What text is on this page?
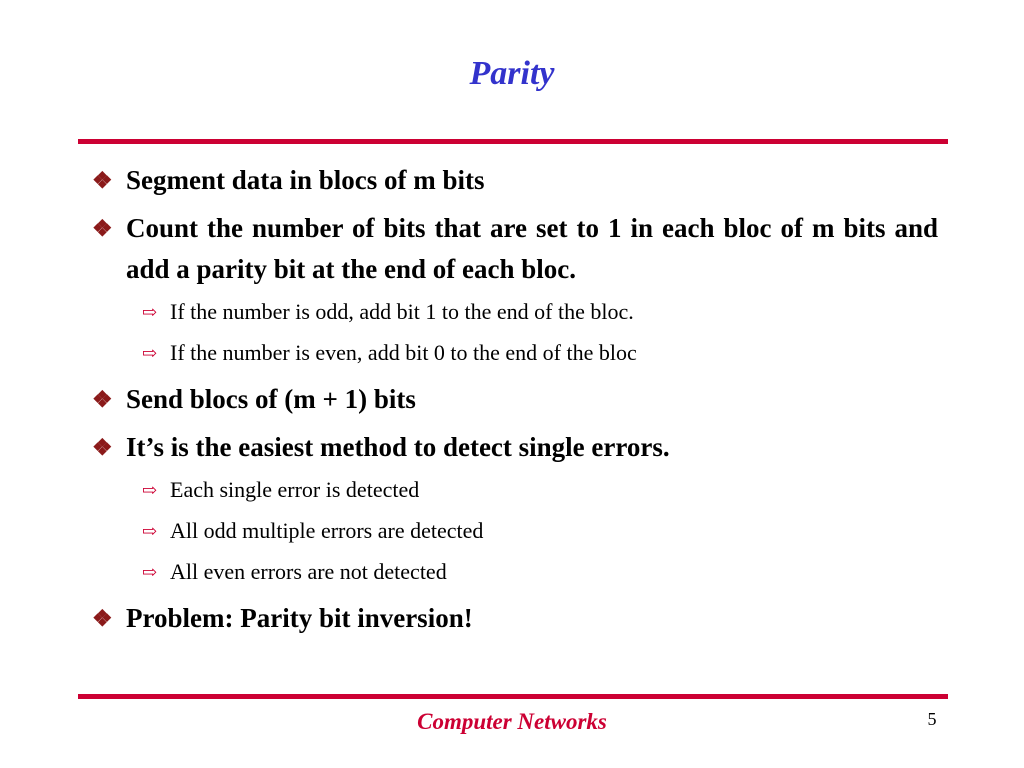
Parity
❖ Segment data in blocs of m bits
❖ Count the number of bits that are set to 1 in each bloc of m bits and add a parity bit at the end of each bloc.
⇨ If the number is odd, add bit 1 to the end of the bloc.
⇨ If the number is even, add bit 0 to the end of the bloc
❖ Send blocs of (m + 1) bits
❖ It’s is the easiest method to detect single errors.
⇨ Each single error is detected
⇨ All odd multiple errors are detected
⇨ All even errors are not detected
❖ Problem: Parity bit inversion!
Computer Networks	5
